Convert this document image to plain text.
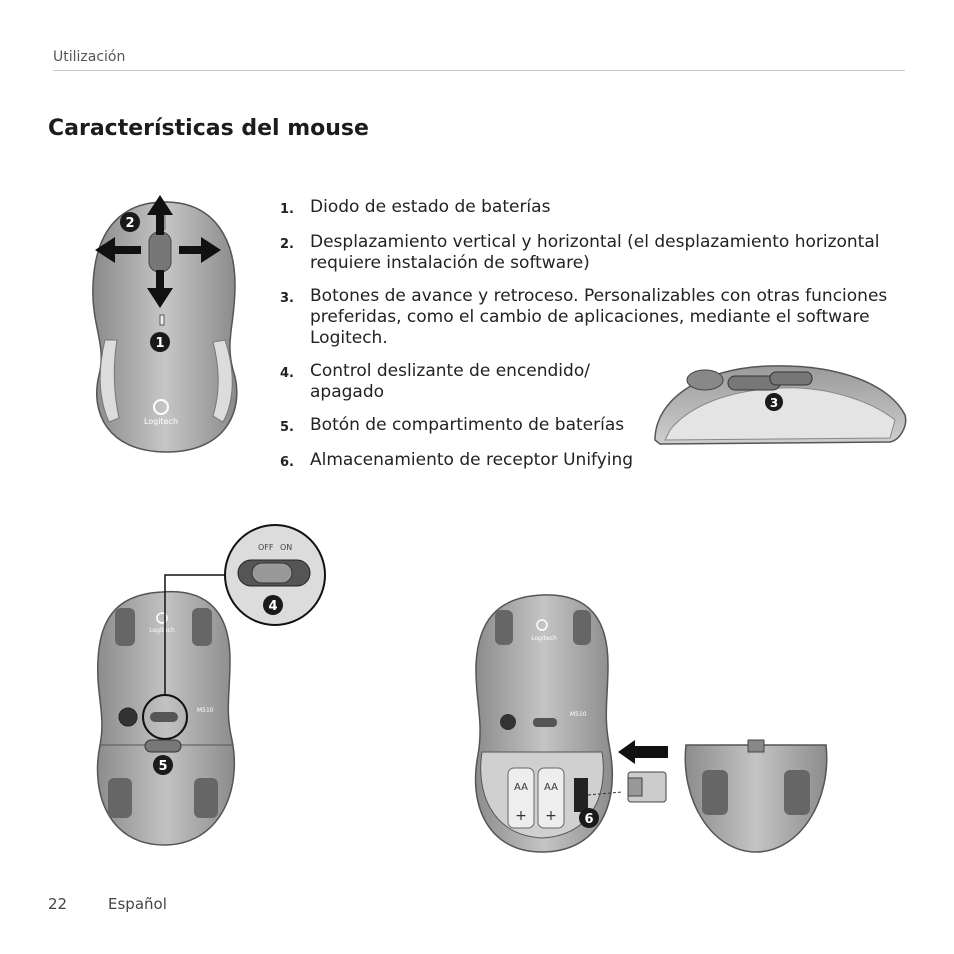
Utilización
Características del mouse
1. Diodo de estado de baterías
2. Desplazamiento vertical y horizontal (el desplazamiento horizontal requiere instalación de software)
3. Botones de avance y retroceso. Personalizables con otras funciones preferidas, como el cambio de aplicaciones, mediante el software Logitech.
4. Control deslizante de encendido/ apagado
5. Botón de compartimento de baterías
6. Almacenamiento de receptor Unifying
Logitech
2
1
3
Logitech
M510
OFF ON
4
5
Logitech
M510
AA AA
+ + 6
22	Español
